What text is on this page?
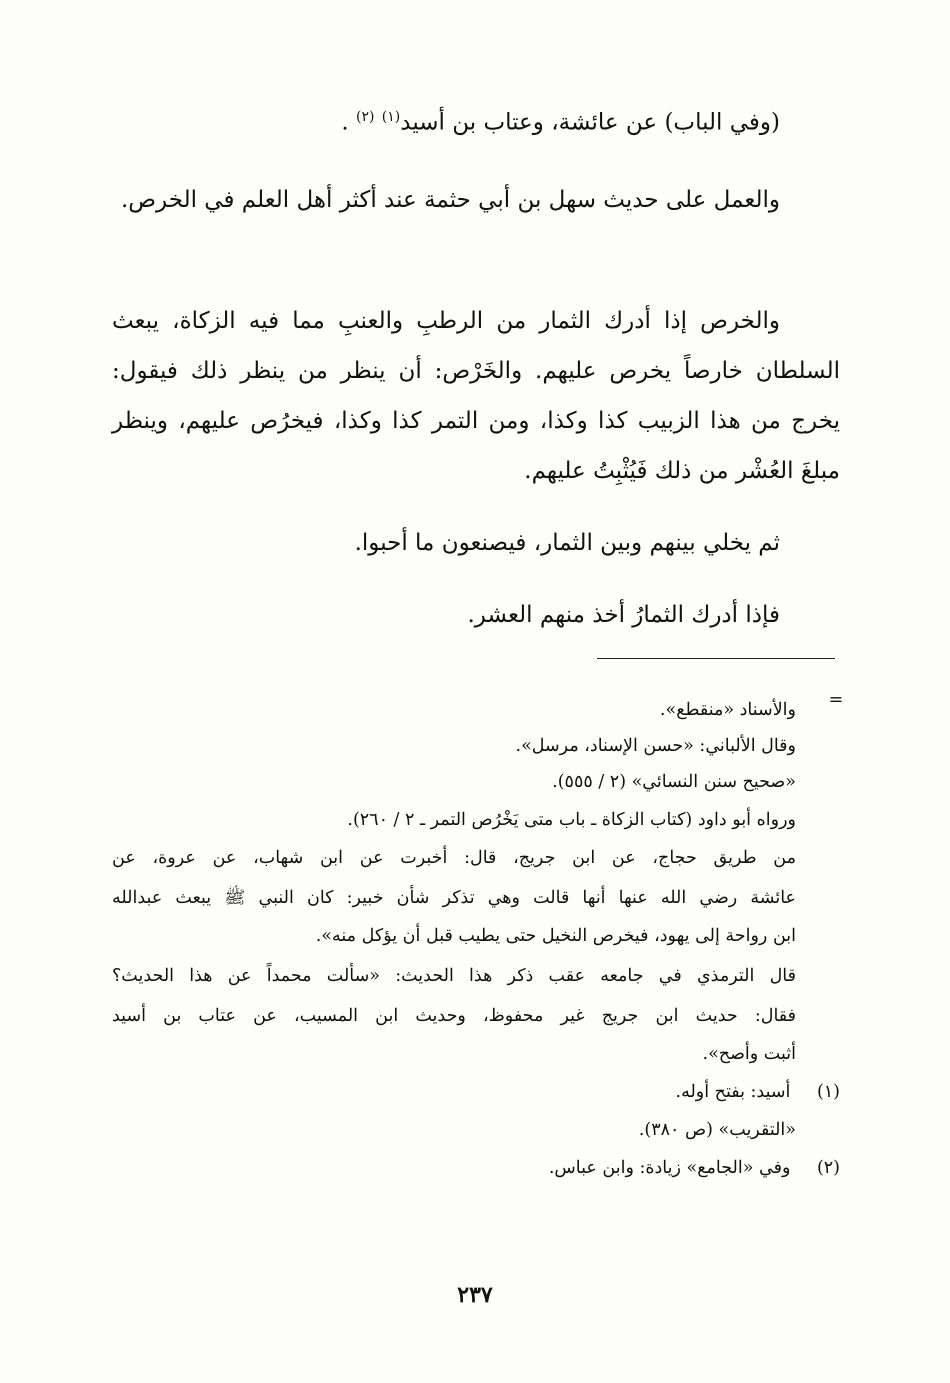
(وفي الباب) عن عائشة، وعتاب بن أسيد$^{(١)}$ $^{(٢)}$ .
والعمل على حديث سهل بن أبي حثمة عند أكثر أهل العلم في الخرص.
والخرص إذا أدرك الثمار من الرطبِ والعنبِ مما فيه الزكاة، يبعث السلطان خارصاً يخرص عليهم. والخَرْص: أن ينظر من ينظر ذلك فيقول: يخرج من هذا الزبيب كذا وكذا، ومن التمر كذا وكذا، فيخرُص عليهم، وينظر مبلغَ العُشْر من ذلك فَيُثْبِتُ عليهم.
ثم يخلي بينهم وبين الثمار، فيصنعون ما أحبوا.
فإذا أدرك الثمارُ أخذ منهم العشر.
=
والأسناد «منقطع».
وقال الألباني: «حسن الإسناد، مرسل».
«صحيح سنن النسائي» (٢ / ٥٥٥).
ورواه أبو داود (كتاب الزكاة ـ باب متى يَخْرُص التمر ـ ٢ / ٢٦٠).
من طريق حجاج، عن ابن جريج، قال: أخبرت عن ابن شهاب، عن عروة، عن
عائشة رضي الله عنها أنها قالت وهي تذكر شأن خبير: كان النبي ﷺ يبعث عبدالله
ابن رواحة إلى يهود، فيخرص النخيل حتى يطيب قبل أن يؤكل منه».
قال الترمذي في جامعه عقب ذكر هذا الحديث: «سألت محمداً عن هذا الحديث؟
فقال: حديث ابن جريج غير محفوظ، وحديث ابن المسيب، عن عتاب بن أسيد
أثبت وأصح».
(١) أسيد: بفتح أوله.
«التقريب» (ص ٣٨٠).
(٢) وفي «الجامع» زيادة: وابن عباس.
٢٣٧
